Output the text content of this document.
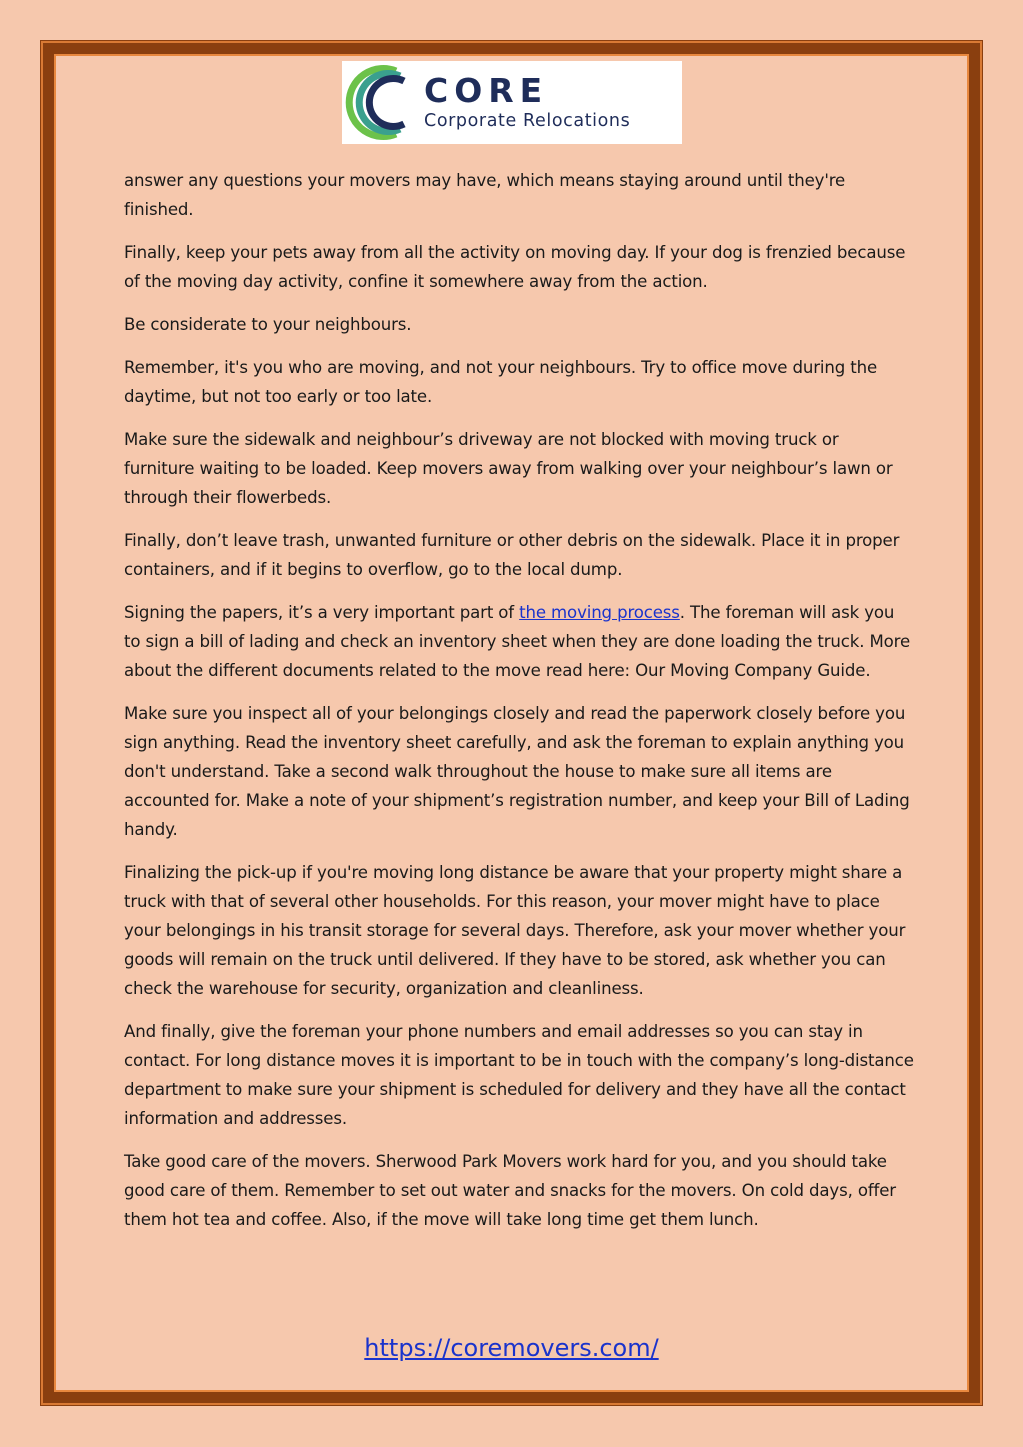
CORE
Corporate Relocations

answer any questions your movers may have, which means staying around until they're finished.

Finally, keep your pets away from all the activity on moving day. If your dog is frenzied because of the moving day activity, confine it somewhere away from the action.

Be considerate to your neighbours.

Remember, it's you who are moving, and not your neighbours. Try to office move during the daytime, but not too early or too late.

Make sure the sidewalk and neighbour’s driveway are not blocked with moving truck or furniture waiting to be loaded. Keep movers away from walking over your neighbour’s lawn or through their flowerbeds.

Finally, don’t leave trash, unwanted furniture or other debris on the sidewalk. Place it in proper containers, and if it begins to overflow, go to the local dump.

Signing the papers, it’s a very important part of the moving process. The foreman will ask you to sign a bill of lading and check an inventory sheet when they are done loading the truck. More about the different documents related to the move read here: Our Moving Company Guide.

Make sure you inspect all of your belongings closely and read the paperwork closely before you sign anything. Read the inventory sheet carefully, and ask the foreman to explain anything you don't understand. Take a second walk throughout the house to make sure all items are accounted for. Make a note of your shipment’s registration number, and keep your Bill of Lading handy.

Finalizing the pick-up if you're moving long distance be aware that your property might share a truck with that of several other households. For this reason, your mover might have to place your belongings in his transit storage for several days. Therefore, ask your mover whether your goods will remain on the truck until delivered. If they have to be stored, ask whether you can check the warehouse for security, organization and cleanliness.

And finally, give the foreman your phone numbers and email addresses so you can stay in contact. For long distance moves it is important to be in touch with the company’s long-distance department to make sure your shipment is scheduled for delivery and they have all the contact information and addresses.

Take good care of the movers. Sherwood Park Movers work hard for you, and you should take good care of them. Remember to set out water and snacks for the movers. On cold days, offer them hot tea and coffee. Also, if the move will take long time get them lunch.

https://coremovers.com/
